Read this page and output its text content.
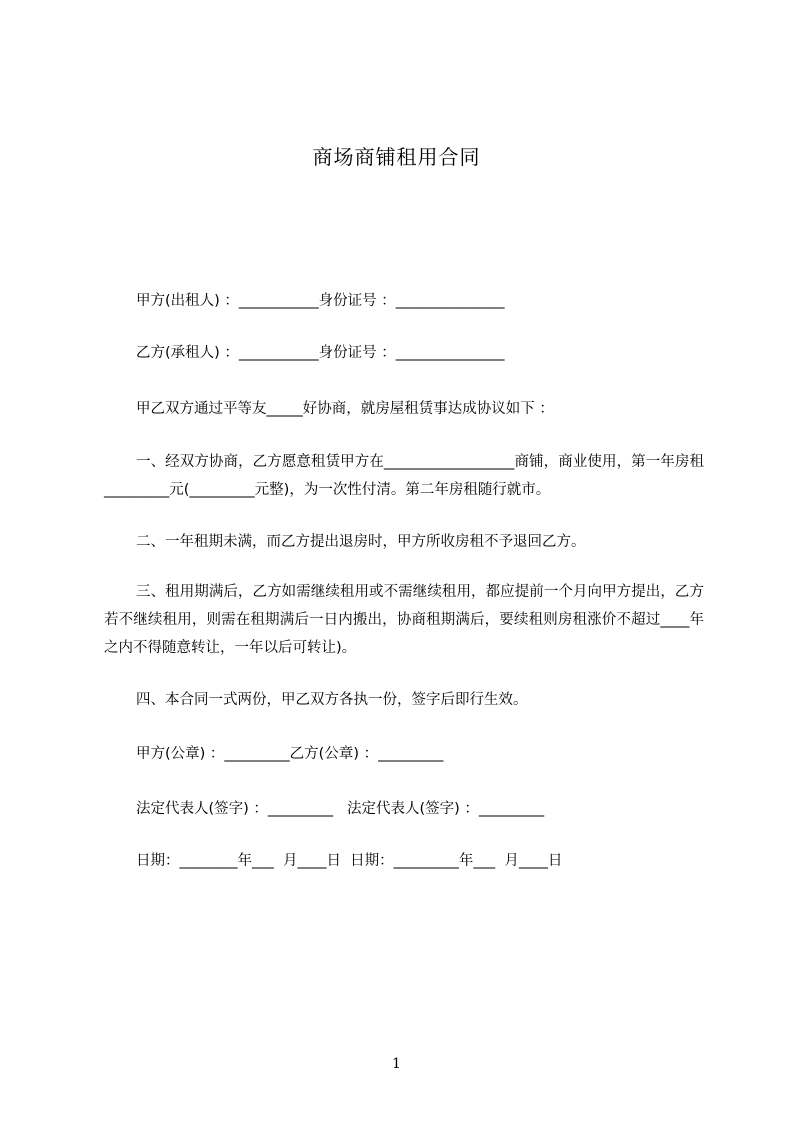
商场商铺租用合同
甲方(出租人) ：___________身份证号 ：_______________
乙方(承租人) ：___________身份证号 ：_______________
甲乙双方通过平等友_____好协商，就房屋租赁事达成协议如下 ：
一、经双方协商，乙方愿意租赁甲方在__________________商铺，商业使用，第一年房租_________元(_________元整)，为一次性付清。第二年房租随行就市。
二、一年租期未满，而乙方提出退房时，甲方所收房租不予退回乙方。
三、租用期满后，乙方如需继续租用或不需继续租用，都应提前一个月向甲方提出，乙方若不继续租用，则需在租期满后一日内搬出，协商租期满后，要续租则房租涨价不超过____年之内不得随意转让，一年以后可转让)。
四、本合同一式两份，甲乙双方各执一份，签字后即行生效。
甲方(公章) ：_________乙方(公章) ：_________
法定代表人(签字) ：_________   法定代表人(签字) ：_________
日期：________年___  月____日  日期：_________年___  月____日
1
